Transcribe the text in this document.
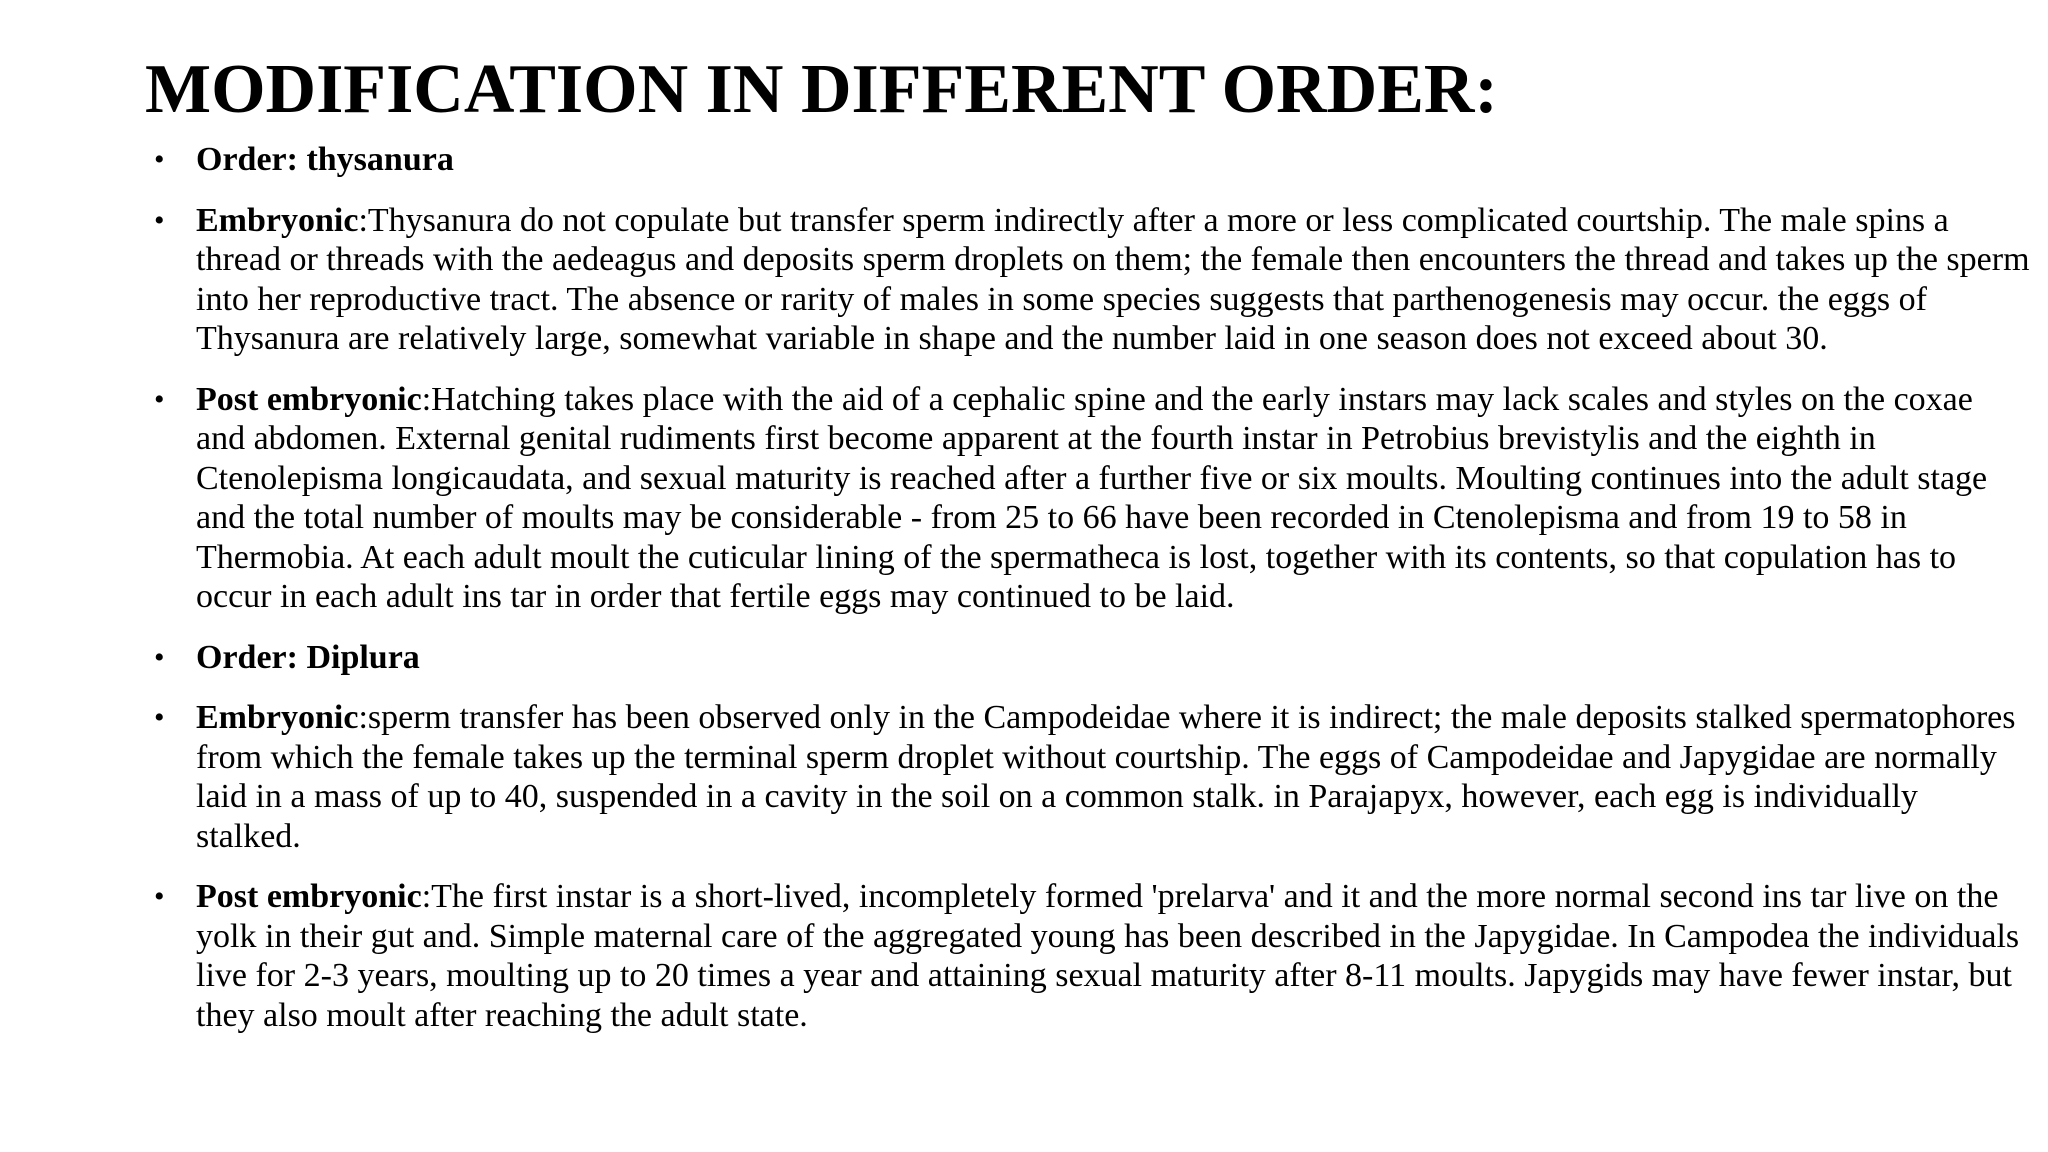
MODIFICATION IN DIFFERENT ORDER:
• Order: thysanura
• Embryonic:Thysanura do not copulate but transfer sperm indirectly after a more or less complicated courtship. The male spins a thread or threads with the aedeagus and deposits sperm droplets on them; the female then encounters the thread and takes up the sperm into her reproductive tract. The absence or rarity of males in some species suggests that parthenogenesis may occur. the eggs of Thysanura are relatively large, somewhat variable in shape and the number laid in one season does not exceed about 30.
• Post embryonic:Hatching takes place with the aid of a cephalic spine and the early instars may lack scales and styles on the coxae and abdomen. External genital rudiments first become apparent at the fourth instar in Petrobius brevistylis and the eighth in Ctenolepisma longicaudata, and sexual maturity is reached after a further five or six moults. Moulting continues into the adult stage and the total number of moults may be considerable - from 25 to 66 have been recorded in Ctenolepisma and from 19 to 58 in Thermobia. At each adult moult the cuticular lining of the spermatheca is lost, together with its contents, so that copulation has to occur in each adult ins tar in order that fertile eggs may continued to be laid.
• Order: Diplura
• Embryonic:sperm transfer has been observed only in the Campodeidae where it is indirect; the male deposits stalked spermatophores from which the female takes up the terminal sperm droplet without courtship. The eggs of Campodeidae and Japygidae are normally laid in a mass of up to 40, suspended in a cavity in the soil on a common stalk. in Parajapyx, however, each egg is individually stalked.
• Post embryonic:The first instar is a short-lived, incompletely formed 'prelarva' and it and the more normal second ins tar live on the yolk in their gut and. Simple maternal care of the aggregated young has been described in the Japygidae. In Campodea the individuals live for 2-3 years, moulting up to 20 times a year and attaining sexual maturity after 8-11 moults. Japygids may have fewer instar, but they also moult after reaching the adult state.
